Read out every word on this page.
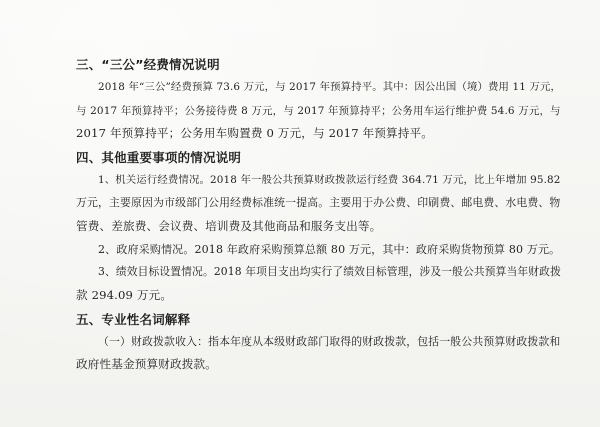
三、“三公”经费情况说明
2018 年“三公”经费预算 73.6 万元，与 2017 年预算持平。其中：因公出国（境）费用 11 万元，
与 2017 年预算持平；公务接待费 8 万元，与 2017 年预算持平；公务用车运行维护费 54.6 万元，与
2017 年预算持平；公务用车购置费 0 万元，与 2017 年预算持平。
四、其他重要事项的情况说明
1、机关运行经费情况。2018 年一般公共预算财政拨款运行经费 364.71 万元，比上年增加 95.82
万元，主要原因为市级部门公用经费标准统一提高。主要用于办公费、印刷费、邮电费、水电费、物
管费、差旅费、会议费、培训费及其他商品和服务支出等。
2、政府采购情况。2018 年政府采购预算总额 80 万元，其中：政府采购货物预算 80 万元。
3、绩效目标设置情况。2018 年项目支出均实行了绩效目标管理，涉及一般公共预算当年财政拨
款 294.09 万元。
五、专业性名词解释
（一）财政拨款收入：指本年度从本级财政部门取得的财政拨款，包括一般公共预算财政拨款和
政府性基金预算财政拨款。
